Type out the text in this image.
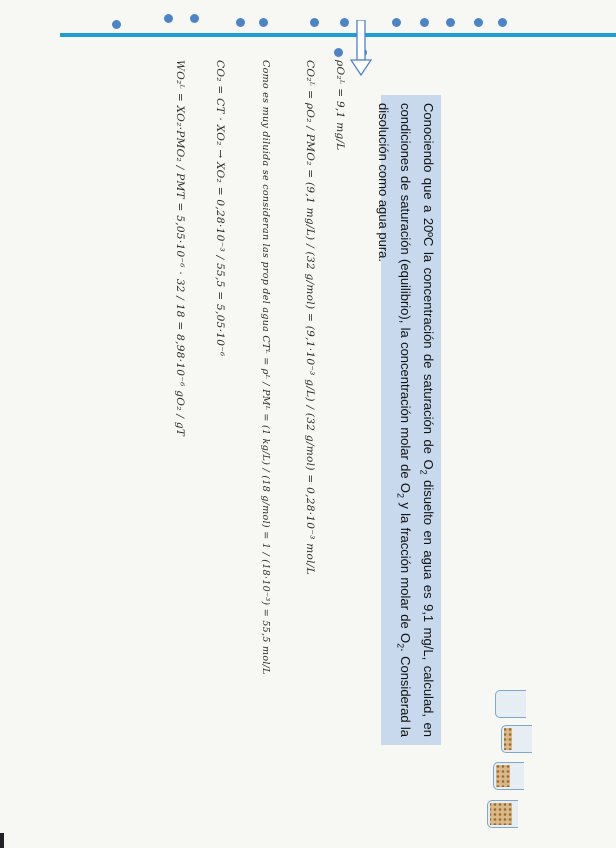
Conociendo que a 20ºC la concentración de saturación de $O_2$ disuelto en agua es 9,1 mg/L, calculad, en condiciones de saturación (equilibrio), la concentración molar de $O_2$ y la fracción molar de $O_2$. Considerad la disolución como agua pura.
ρO₂ᴸ = 9,1 mg/L
CO₂ᴸ = ρO₂ / PMO₂ = (9,1 mg/L) / (32 g/mol) = (9,1·10⁻³ g/L) / (32 g/mol) = 0,28·10⁻³ mol/L
Como es muy diluida se consideran las prop del agua CTᴸ = ρᴸ / PMᴸ = (1 kg/L) / (18 g/mol) = 1 / (18·10⁻³) = 55,5 mol/L
CO₂ = CT · XO₂ → XO₂ = 0,28·10⁻³ / 55,5 = 5,05·10⁻⁶
WO₂ᴸ = XO₂·PMO₂ / PMT = 5,05·10⁻⁶ · 32 / 18 = 8,98·10⁻⁶ gO₂ / gT
